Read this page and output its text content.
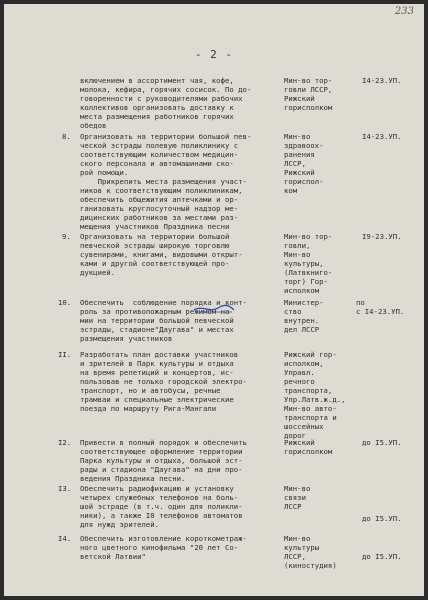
233
- 2 -
включением в ассортимент чая, кофе,
молока, кефира, горячих сосисок. По до-
говоренности с руководителями рабочих
коллективов организовать доставку к
места размещения работников горячих
обедов
Мин-во тор-
говли ЛССР,
Рижский
горисполком
I4-23.УП.
8. Организовать на территории большой пев-
ческой эстрады полевую поликлинику с
соответствующим количеством медицин-
ского персонала и автомашинами ско-
рой помощи.
Прикрепить места размещения участ-
ников к соответствующим поликлиникам,
обеспечить общежития аптечками и ор-
ганизовать круглосуточный надзор ме-
дицинских работников за местами раз-
мещения участников Праздника песни
Мин-во
здравоох-
ранения
ЛССР,
Рижский
гориспол-
ком
I4-23.УП.
9. Организовать на территории большой
певческой эстрады широкую торговлю
сувенирами, книгами, видовыми открыт-
ками и другой соответствующей про-
дукцией.
Мин-во тор-
говли,
Мин-во
культуры,
(Латвкниго-
торг) Гор-
исполком
I9-23.УП.
10. Обеспечить  соблюдение порядка и конт-
роль за противопожарным режимом на
мии на территории большой певческой
эстрады, стадионе"Даугава" и местах
размещения участников
Министер-
ство
внутрен.
дел ЛССР
по
с I4-23.УП.
II. Разработать план доставки участников
и зрителей в Парк культуры и отдыха
на время репетиций и концертов, ис-
пользовав не только городской электро-
транспорт, но и автобусы, речные
трамваи и специальные электрические
поезда по маршруту Рига-Мангали
Рижский гор-
исполком,
Управл.
речного
транспорта,
Упр.Латв.ж.д.,
Мин-во авто-
транспорта и
шоссейных
дорог
I2. Привести в полный порядок и обеспечить
соответствующее оформление территории
Парка культуры и отдыха, большой эст-
рады и стадиона "Даугава" на дни про-
ведения Праздника песни.
Рижский
горисполком
до I5.УП.
I3. Обеспечить радиофикацию и установку
четырех служебных телефонов на боль-
шой эстраде (в т.ч. один для поликли-
ники), а также I0 телефонов автоматов
для нужд зрителей.
Мин-во
связи
ЛССР
до I5.УП.
I4. Обеспечить изготовление короткометраж-
ного цветного кинофильма "20 лет Со-
ветской Латвии"
Мин-во
культуры
ЛССР,
(киностудия)
до I5.УП.
